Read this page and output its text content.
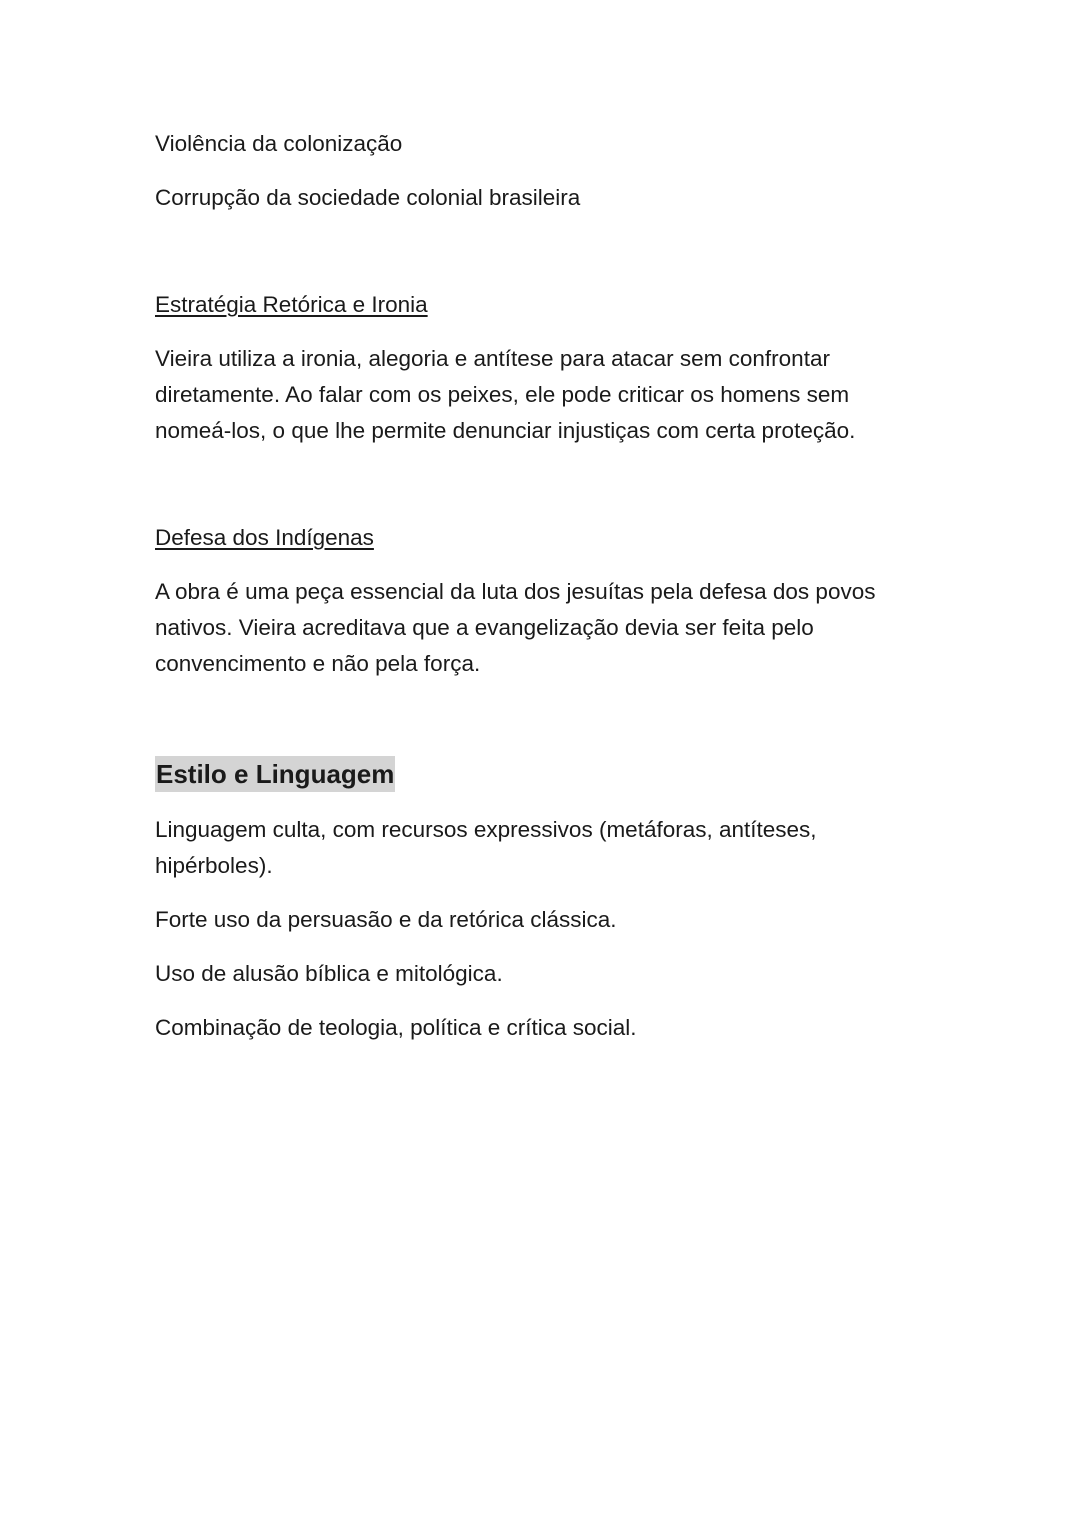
Violência da colonização

Corrupção da sociedade colonial brasileira

Estratégia Retórica e Ironia

Vieira utiliza a ironia, alegoria e antítese para atacar sem confrontar diretamente. Ao falar com os peixes, ele pode criticar os homens sem nomeá-los, o que lhe permite denunciar injustiças com certa proteção.

Defesa dos Indígenas

A obra é uma peça essencial da luta dos jesuítas pela defesa dos povos nativos. Vieira acreditava que a evangelização devia ser feita pelo convencimento e não pela força.

Estilo e Linguagem

Linguagem culta, com recursos expressivos (metáforas, antíteses, hipérboles).

Forte uso da persuasão e da retórica clássica.

Uso de alusão bíblica e mitológica.

Combinação de teologia, política e crítica social.
